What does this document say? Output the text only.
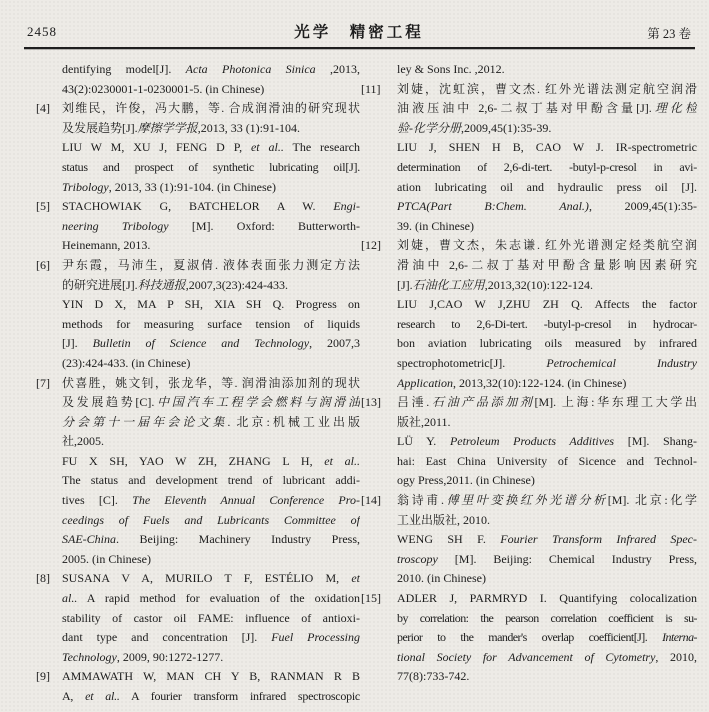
2458	光学　精密工程	第 23 卷
dentifying model[J]. Acta Photonica Sinica ,2013,
43(2):0230001-1-0230001-5. (in Chinese)
[4]	刘维民，许俊，冯大鹏，等. 合成润滑油的研究现状
及发展趋势[J].摩擦学学报,2013, 33 (1):91-104.
LIU W M, XU J, FENG D P, et al.. The research
status and prospect of synthetic lubricating oil[J].
Tribology, 2013, 33 (1):91-104. (in Chinese)
[5]	STACHOWIAK G, BATCHELOR A W. Engi-
neering Tribology [M]. Oxford: Butterworth-
Heinemann, 2013.
[6]	尹东霞，马沛生，夏淑倩. 液体表面张力测定方法
的研究进展[J].科技通报,2007,3(23):424-433.
YIN D X, MA P SH, XIA SH Q. Progress on
methods for measuring surface tension of liquids
[J]. Bulletin of Science and Technology, 2007,3
(23):424-433. (in Chinese)
[7]	伏喜胜，姚文钊，张龙华，等. 润滑油添加剂的现状
及发展趋势[C].中国汽车工程学会燃料与润滑油
分会第十一届年会论文集. 北京:机械工业出版
社,2005.
FU X SH, YAO W ZH, ZHANG L H, et al..
The status and development trend of lubricant addi-
tives [C]. The Eleventh Annual Conference Pro-
ceedings of Fuels and Lubricants Committee of
SAE-China. Beijing: Machinery Industry Press,
2005. (in Chinese)
[8]	SUSANA V A, MURILO T F, ESTÉLIO M, et
al.. A rapid method for evaluation of the oxidation
stability of castor oil FAME: influence of antioxi-
dant type and concentration [J]. Fuel Processing
Technology, 2009, 90:1272-1277.
[9]	AMMAWATH W, MAN CH Y B, RANMAN R B
A, et al.. A fourier transform infrared spectroscopic
ley & Sons Inc. ,2012.
[11]	刘婕，沈虹滨，曹文杰. 红外光谱法测定航空润滑
油液压油中 2,6-二叔丁基对甲酚含量[J].理化检
验-化学分册,2009,45(1):35-39.
LIU J, SHEN H B, CAO W J. IR-spectrometric
determination of 2,6-di-tert. -butyl-p-cresol in avi-
ation lubricating oil and hydraulic press oil [J].
PTCA(Part B:Chem. Anal.), 2009,45(1):35-
39. (in Chinese)
[12]	刘婕，曹文杰，朱志谦. 红外光谱测定烃类航空润
滑油中 2,6-二叔丁基对甲酚含量影响因素研究
[J].石油化工应用,2013,32(10):122-124.
LIU J,CAO W J,ZHU ZH Q. Affects the factor
research to 2,6-Di-tert. -butyl-p-cresol in hydrocar-
bon aviation lubricating oils measured by infrared
spectrophotometric[J]. Petrochemical Industry
Application, 2013,32(10):122-124. (in Chinese)
[13]	吕涶.石油产品添加剂[M]. 上海:华东理工大学出
版社,2011.
LÜ Y. Petroleum Products Additives [M]. Shang-
hai: East China University of Sicence and Technol-
ogy Press,2011. (in Chinese)
[14]	翁诗甫.傅里叶变换红外光谱分析[M]. 北京:化学
工业出版社, 2010.
WENG SH F. Fourier Transform Infrared Spec-
troscopy [M]. Beijing: Chemical Industry Press,
2010. (in Chinese)
[15]	ADLER J, PARMRYD I. Quantifying colocalization
by correlation: the pearson correlation coefficient is su-
perior to the mander's overlap coefficient[J]. Interna-
tional Society for Advancement of Cytometry, 2010,
77(8):733-742.
